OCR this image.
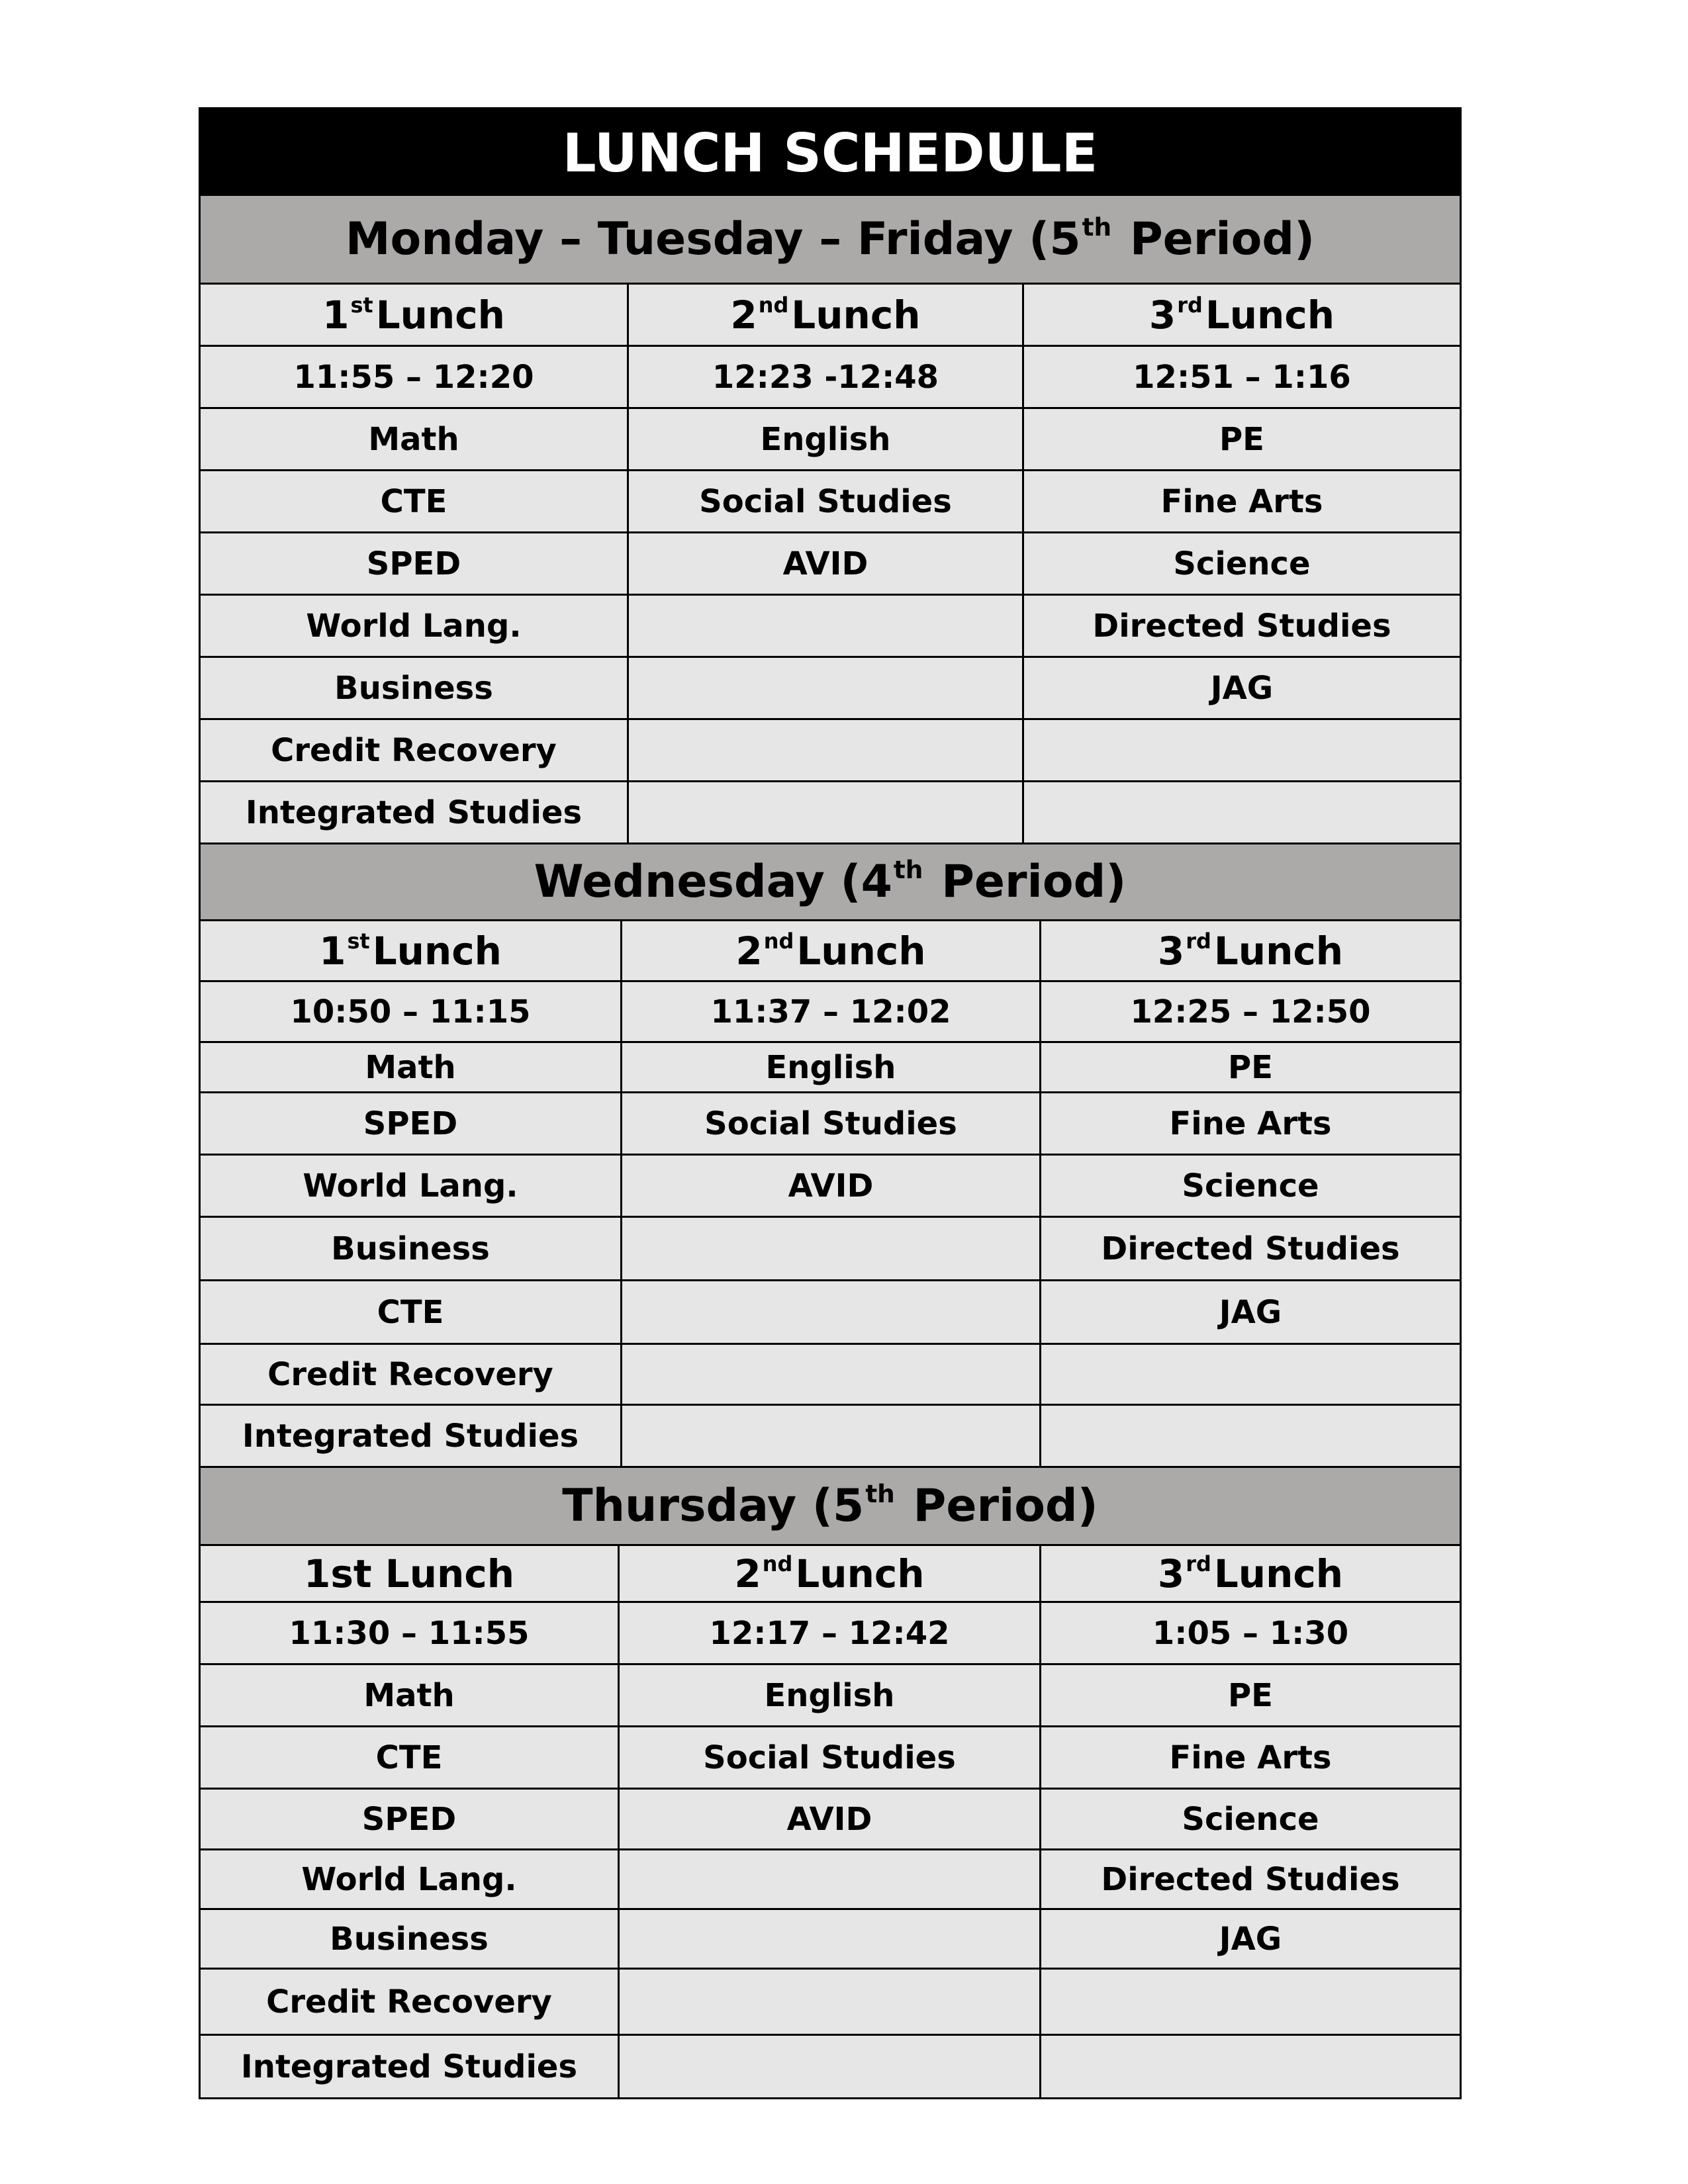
LUNCH SCHEDULE
Monday – Tuesday – Friday (5th Period)		
1stLunch	2ndLunch	3rdLunch
11:55 – 12:20	12:23 -12:48	12:51 – 1:16
Math	English	PE
CTE	Social Studies	Fine Arts
SPED	AVID	Science
World Lang.		Directed Studies
Business		JAG
Credit Recovery		
Integrated Studies		
Wednesday (4th Period)		
1stLunch	2ndLunch	3rdLunch
10:50 – 11:15	11:37 – 12:02	12:25 – 12:50
Math	English	PE
SPED	Social Studies	Fine Arts
World Lang.	AVID	Science
Business		Directed Studies
CTE		JAG
Credit Recovery		
Integrated Studies		
Thursday (5th Period)		
1st Lunch	2ndLunch	3rdLunch
11:30 – 11:55	12:17 – 12:42	1:05 – 1:30
Math	English	PE
CTE	Social Studies	Fine Arts
SPED	AVID	Science
World Lang.		Directed Studies
Business		JAG
Credit Recovery		
Integrated Studies		
